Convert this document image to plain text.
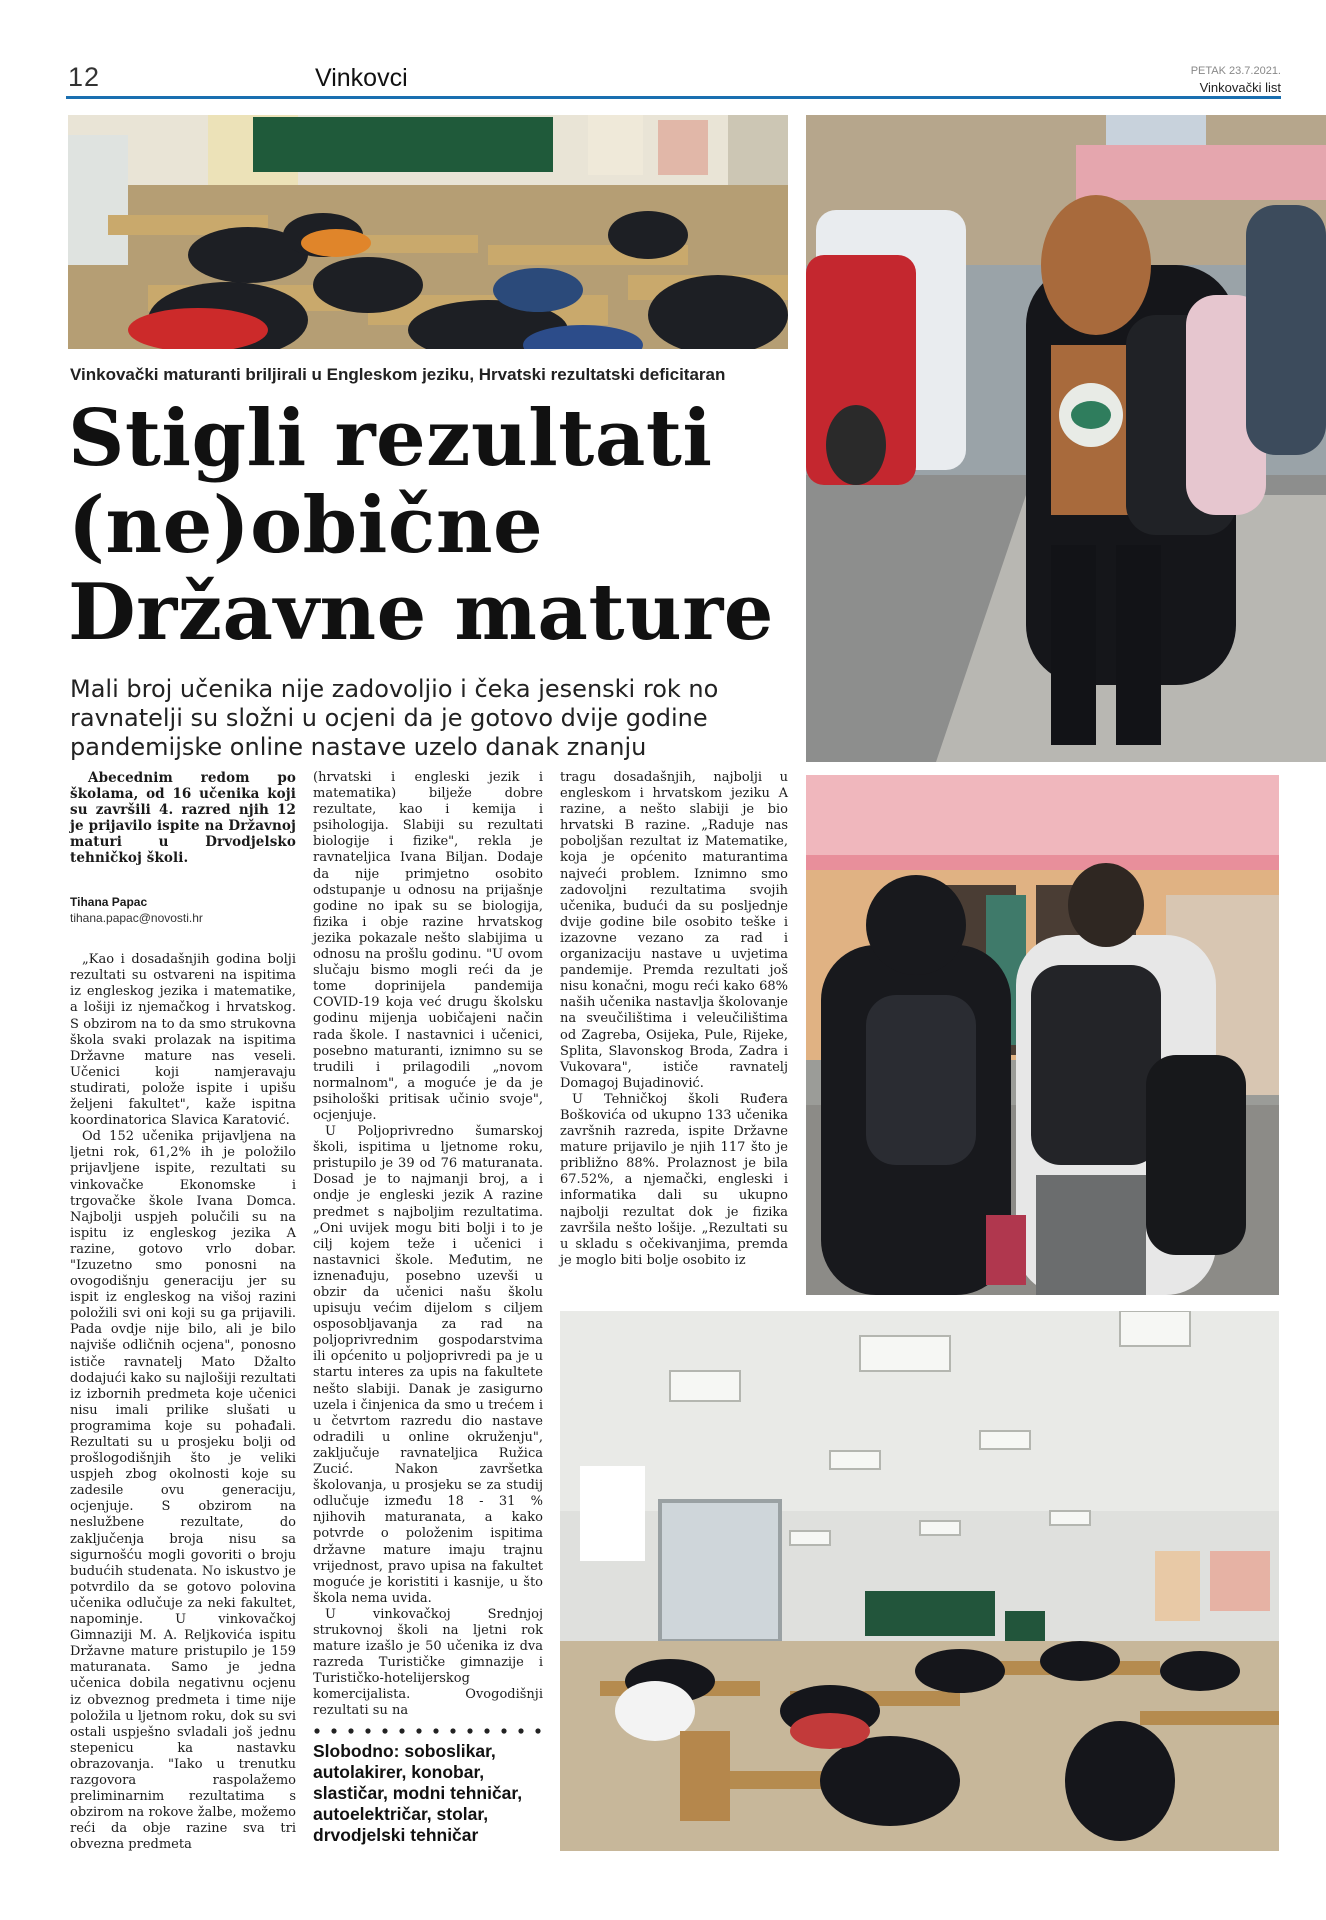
12	Vinkovci	PETAK 23.7.2021.
Vinkovački list
Vinkovački maturanti briljirali u Engleskom jeziku, Hrvatski rezultatski deficitaran
Stigli rezultati
(ne)obične
Državne mature

Mali broj učenika nije zadovoljio i čeka jesenski rok no ravnatelji su složni u ocjeni da je gotovo dvije godine pandemijske online nastave uzelo danak znanju

Abecednim redom po školama, od 16 učenika koji su završili 4. razred njih 12 je prijavilo ispite na Državnoj maturi u Drvodjelsko tehničkoj školi.

Tihana Papac

tihana.papac@novosti.hr

„Kao i dosadašnjih godina bolji rezultati su ostvareni na ispitima iz engleskog jezika i matematike, a lošiji iz njemačkog i hrvatskog. S obzirom na to da smo strukovna škola svaki prolazak na ispitima Državne mature nas veseli. Učenici koji namjeravaju studirati, polože ispite i upišu željeni fakultet", kaže ispitna koordinatorica Slavica Karatović.

Od 152 učenika prijavljena na ljetni rok, 61,2% ih je položilo prijavljene ispite, rezultati su vinkovačke Ekonomske i trgovačke škole Ivana Domca. Najbolji uspjeh polučili su na ispitu iz engleskog jezika A razine, gotovo vrlo dobar. "Izuzetno smo ponosni na ovogodišnju generaciju jer su ispit iz engleskog na višoj razini položili svi oni koji su ga prijavili. Pada ovdje nije bilo, ali je bilo najviše odličnih ocjena", ponosno ističe ravnatelj Mato Džalto dodajući kako su najlošiji rezultati iz izbornih predmeta koje učenici nisu imali prilike slušati u programima koje su pohađali. Rezultati su u prosjeku bolji od prošlogodišnjih što je veliki uspjeh zbog okolnosti koje su zadesile ovu generaciju, ocjenjuje. S obzirom na neslužbene rezultate, do zaključenja broja nisu sa sigurnošću mogli govoriti o broju budućih studenata. No iskustvo je potvrdilo da se gotovo polovina učenika odlučuje za neki fakultet, napominje. U vinkovačkoj Gimnaziji M. A. Reljkovića ispitu Državne mature pristupilo je 159 maturanata. Samo je jedna učenica dobila negativnu ocjenu iz obveznog predmeta i time nije položila u ljetnom roku, dok su svi ostali uspješno svladali još jednu stepenicu ka nastavku obrazovanja. "Iako u trenutku razgovora raspolažemo preliminarnim rezultatima s obzirom na rokove žalbe, možemo reći da obje razine sva tri obvezna predmeta

(hrvatski i engleski jezik i matematika) bilježe dobre rezultate, kao i kemija i psihologija. Slabiji su rezultati biologije i fizike", rekla je ravnateljica Ivana Biljan. Dodaje da nije primjetno osobito odstupanje u odnosu na prijašnje godine no ipak su se biologija, fizika i obje razine hrvatskog jezika pokazale nešto slabijima u odnosu na prošlu godinu. "U ovom slučaju bismo mogli reći da je tome doprinijela pandemija COVID-19 koja već drugu školsku godinu mijenja uobičajeni način rada škole. I nastavnici i učenici, posebno maturanti, iznimno su se trudili i prilagodili „novom normalnom", a moguće je da je psihološki pritisak učinio svoje", ocjenjuje.

U Poljoprivredno šumarskoj školi, ispitima u ljetnome roku, pristupilo je 39 od 76 maturanata. Dosad je to najmanji broj, a i ondje je engleski jezik A razine predmet s najboljim rezultatima. „Oni uvijek mogu biti bolji i to je cilj kojem teže i učenici i nastavnici škole. Međutim, ne iznenađuju, posebno uzevši u obzir da učenici našu školu upisuju većim dijelom s ciljem osposobljavanja za rad na poljoprivrednim gospodarstvima ili općenito u poljoprivredi pa je u startu interes za upis na fakultete nešto slabiji. Danak je zasigurno uzela i činjenica da smo u trećem i u četvrtom razredu dio nastave odradili u online okruženju", zaključuje ravnateljica Ružica Zucić. Nakon završetka školovanja, u prosjeku se za studij odlučuje između 18 - 31 % njihovih maturanata, a kako potvrde o položenim ispitima državne mature imaju trajnu vrijednost, pravo upisa na fakultet moguće je koristiti i kasnije, u što škola nema uvida.

U vinkovačkoj Srednjoj strukovnoj školi na ljetni rok mature izašlo je 50 učenika iz dva razreda Turističke gimnazije i Turističko-hotelijerskog komercijalista. Ovogodišnji rezultati su na

Slobodno: soboslikar, autolakirer, konobar, slastičar, modni tehničar, autoelektričar, stolar, drvodjelski tehničar

tragu dosadašnjih, najbolji u engleskom i hrvatskom jeziku A razine, a nešto slabiji je bio hrvatski B razine. „Raduje nas poboljšan rezultat iz Matematike, koja je općenito maturantima najveći problem. Iznimno smo zadovoljni rezultatima svojih učenika, budući da su posljednje dvije godine bile osobito teške i izazovne vezano za rad i organizaciju nastave u uvjetima pandemije. Premda rezultati još nisu konačni, mogu reći kako 68% naših učenika nastavlja školovanje na sveučilištima i veleučilištima od Zagreba, Osijeka, Pule, Rijeke, Splita, Slavonskog Broda, Zadra i Vukovara", ističe ravnatelj Domagoj Bujadinović.

U Tehničkoj školi Ruđera Boškovića od ukupno 133 učenika završnih razreda, ispite Državne mature prijavilo je njih 117 što je približno 88%. Prolaznost je bila 67.52%, a njemački, engleski i informatika dali su ukupno najbolji rezultat dok je fizika završila nešto lošije. „Rezultati su u skladu s očekivanjima, premda je moglo biti bolje osobito iz
